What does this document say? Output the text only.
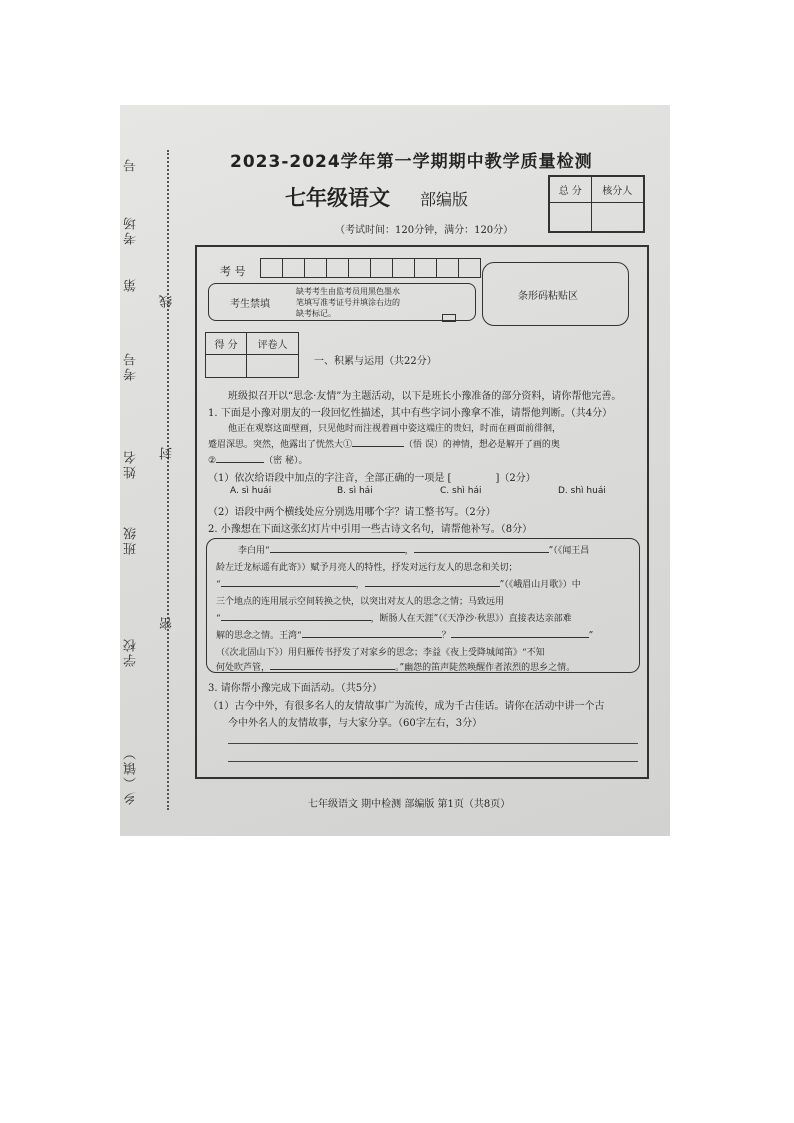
号
考场
第
考号
姓名
班级
学校
乡（镇）
线
封
密
2023-2024学年第一学期期中教学质量检测
七年级语文 部编版
（考试时间：120分钟，满分：120分）
总 分	核分人

考 号

考生禁填
缺考考生由监考员用黑色墨水
笔填写准考证号并填涂右边的
缺考标记。
条形码粘贴区
得 分	评卷人

一、积累与运用（共22分）
班级拟召开以“思念·友情”为主题活动，以下是班长小豫准备的部分资料，请你帮他完善。
1. 下面是小豫对朋友的一段回忆性描述，其中有些字词小豫拿不准，请帮他判断。（共4分）
他正在观察这面壁画，只见他时而注视着画中姿这端庄的贵妇，时而在画面前徘徊，
蹙眉深思。突然，他露出了恍然大①	（悟 误）的神情，想必是解开了画的奥
②	（密 秘）。
（1）依次给语段中加点的字注音，全部正确的一项是 [	]（2分）
A. sì huái	B. sì hái	C. shì hái	D. shì huái
（2）语段中两个横线处应分别选用哪个字？请工整书写。（2分）
2. 小豫想在下面这张幻灯片中引用一些古诗文名句，请帮他补写。（8分）
李白用“	，	”（《闻王昌
龄左迁龙标遥有此寄》）赋予月亮人的特性，抒发对远行友人的思念和关切；
“	，	”（《峨眉山月歌》）中
三个地点的连用展示空间转换之快，以突出对友人的思念之情；马致远用
“	，断肠人在天涯”（《天净沙·秋思》）直接表达亲部难
解的思念之情。王湾“	？	”
（《次北固山下》）用归雁传书抒发了对家乡的思念；李益《夜上受降城闻笛》“不知
何处吹芦管，	。”幽怨的笛声陡然唤醒作者浓烈的思乡之情。
3. 请你帮小豫完成下面活动。（共5分）
（1）古今中外，有很多名人的友情故事广为流传，成为千古佳话。请你在活动中讲一个古
今中外名人的友情故事，与大家分享。（60字左右，3分）
七年级语文 期中检测 部编版 第1页（共8页）
